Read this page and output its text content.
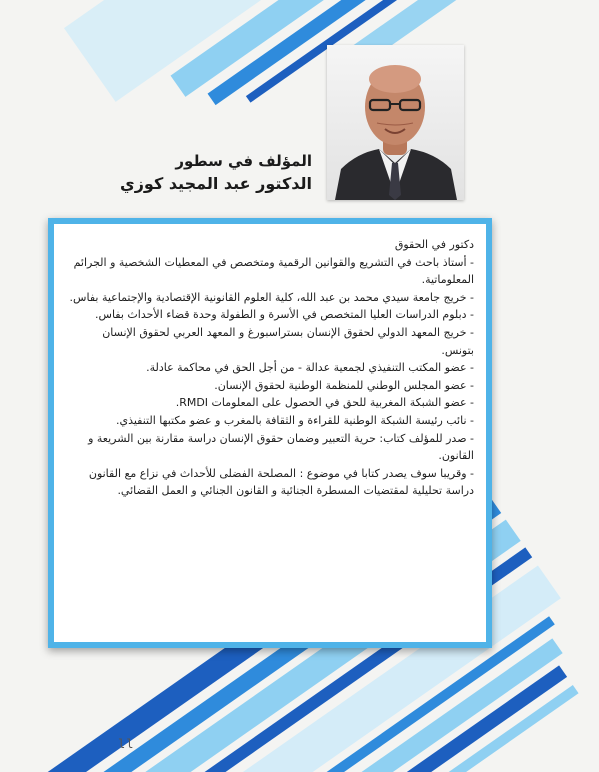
المؤلف في سطور
الدكتور عبد المجيد كوزي

دكتور في الحقوق

- أستاذ باحث في التشريع والقوانين الرقمية ومتخصص في المعطيات الشخصية و الجرائم المعلوماتية.

- خريج جامعة سيدي محمد بن عبد الله، كلية العلوم القانونية الإقتصادية والإجتماعية بفاس.

- دبلوم الدراسات العليا المتخصص في الأسرة و الطفولة وحدة قضاء الأحداث بفاس.

- خريج المعهد الدولي لحقوق الإنسان بستراسبورغ و المعهد العربي لحقوق الإنسان بتونس.

- عضو المكتب التنفيذي لجمعية عدالة - من أجل الحق في محاكمة عادلة.

- عضو المجلس الوطني للمنظمة الوطنية لحقوق الإنسان.

- عضو الشبكة المغربية للحق في الحصول على المعلومات RMDI.

- نائب رئيسة الشبكة الوطنية للقراءة و الثقافة بالمغرب و عضو مكتبها التنفيذي.

- صدر للمؤلف كتاب: حرية التعبير وضمان حقوق الإنسان دراسة مقارنة بين الشريعة و القانون.

- وقريبا سوف يصدر كتابا في موضوع : المصلحة الفضلى للأحداث في نزاع مع القانون دراسة تحليلية لمقتضيات المسطرة الجنائية و القانون الجنائي و العمل القضائي.

ll
